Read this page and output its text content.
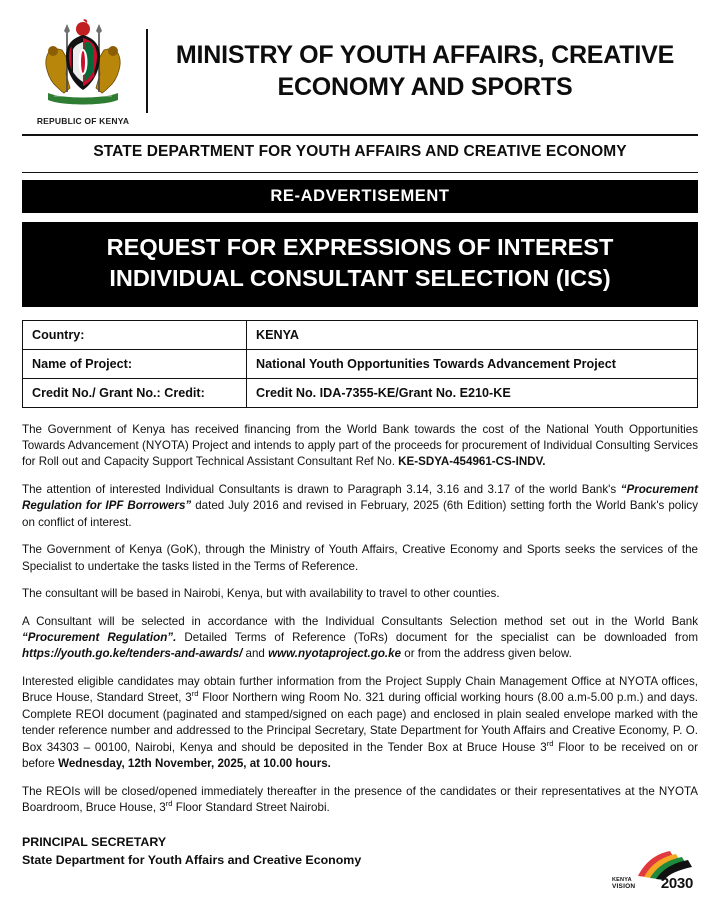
REPUBLIC OF KENYA
MINISTRY OF YOUTH AFFAIRS, CREATIVE ECONOMY AND SPORTS
STATE DEPARTMENT FOR YOUTH AFFAIRS AND CREATIVE ECONOMY
RE-ADVERTISEMENT
REQUEST FOR EXPRESSIONS OF INTEREST
INDIVIDUAL CONSULTANT SELECTION (ICS)
Country:	KENYA
Name of Project:	National Youth Opportunities Towards Advancement Project
Credit No./ Grant No.: Credit:	Credit No. IDA-7355-KE/Grant No. E210-KE

The Government of Kenya has received financing from the World Bank towards the cost of the National Youth Opportunities Towards Advancement (NYOTA) Project and intends to apply part of the proceeds for procurement of Individual Consulting Services for Roll out and Capacity Support Technical Assistant Consultant Ref No. KE-SDYA-454961-CS-INDV.

The attention of interested Individual Consultants is drawn to Paragraph 3.14, 3.16 and 3.17 of the world Bank's “Procurement Regulation for IPF Borrowers” dated July 2016 and revised in February, 2025 (6th Edition) setting forth the World Bank's policy on conflict of interest.

The Government of Kenya (GoK), through the Ministry of Youth Affairs, Creative Economy and Sports seeks the services of the Specialist to undertake the tasks listed in the Terms of Reference.

The consultant will be based in Nairobi, Kenya, but with availability to travel to other counties.

A Consultant will be selected in accordance with the Individual Consultants Selection method set out in the World Bank “Procurement Regulation”. Detailed Terms of Reference (ToRs) document for the specialist can be downloaded from https://youth.go.ke/tenders-and-awards/ and www.nyotaproject.go.ke or from the address given below.

Interested eligible candidates may obtain further information from the Project Supply Chain Management Office at NYOTA offices, Bruce House, Standard Street, 3rd Floor Northern wing Room No. 321 during official working hours (8.00 a.m-5.00 p.m.) and days. Complete REOI document (paginated and stamped/signed on each page) and enclosed in plain sealed envelope marked with the tender reference number and addressed to the Principal Secretary, State Department for Youth Affairs and Creative Economy, P. O. Box 34303 – 00100, Nairobi, Kenya and should be deposited in the Tender Box at Bruce House 3rd Floor to be received on or before Wednesday, 12th November, 2025, at 10.00 hours.

The REOIs will be closed/opened immediately thereafter in the presence of the candidates or their representatives at the NYOTA Boardroom, Bruce House, 3rd Floor Standard Street Nairobi.

PRINCIPAL SECRETARY
State Department for Youth Affairs and Creative Economy
KENYA
VISION 2030
